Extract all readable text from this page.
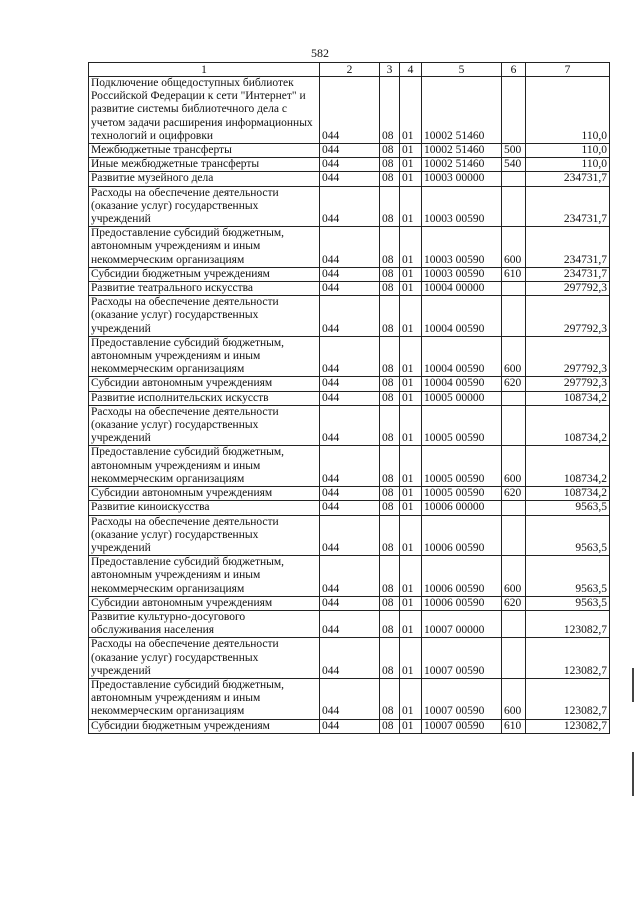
582
1	2	3	4	5	6	7
Подключение общедоступных библиотек Российской Федерации к сети "Интернет" и развитие системы библиотечного дела с учетом задачи расширения информационных технологий и оцифровки	044	08	01	10002 51460		110,0
Межбюджетные трансферты	044	08	01	10002 51460	500	110,0
Иные межбюджетные трансферты	044	08	01	10002 51460	540	110,0
Развитие музейного дела	044	08	01	10003 00000		234731,7
Расходы на обеспечение деятельности (оказание услуг) государственных учреждений	044	08	01	10003 00590		234731,7
Предоставление субсидий бюджетным, автономным учреждениям и иным некоммерческим организациям	044	08	01	10003 00590	600	234731,7
Субсидии бюджетным учреждениям	044	08	01	10003 00590	610	234731,7
Развитие театрального искусства	044	08	01	10004 00000		297792,3
Расходы на обеспечение деятельности (оказание услуг) государственных учреждений	044	08	01	10004 00590		297792,3
Предоставление субсидий бюджетным, автономным учреждениям и иным некоммерческим организациям	044	08	01	10004 00590	600	297792,3
Субсидии автономным учреждениям	044	08	01	10004 00590	620	297792,3
Развитие исполнительских искусств	044	08	01	10005 00000		108734,2
Расходы на обеспечение деятельности (оказание услуг) государственных учреждений	044	08	01	10005 00590		108734,2
Предоставление субсидий бюджетным, автономным учреждениям и иным некоммерческим организациям	044	08	01	10005 00590	600	108734,2
Субсидии автономным учреждениям	044	08	01	10005 00590	620	108734,2
Развитие киноискусства	044	08	01	10006 00000		9563,5
Расходы на обеспечение деятельности (оказание услуг) государственных учреждений	044	08	01	10006 00590		9563,5
Предоставление субсидий бюджетным, автономным учреждениям и иным некоммерческим организациям	044	08	01	10006 00590	600	9563,5
Субсидии автономным учреждениям	044	08	01	10006 00590	620	9563,5
Развитие культурно-досугового обслуживания населения	044	08	01	10007 00000		123082,7
Расходы на обеспечение деятельности (оказание услуг) государственных учреждений	044	08	01	10007 00590		123082,7
Предоставление субсидий бюджетным, автономным учреждениям и иным некоммерческим организациям	044	08	01	10007 00590	600	123082,7
Субсидии бюджетным учреждениям	044	08	01	10007 00590	610	123082,7
